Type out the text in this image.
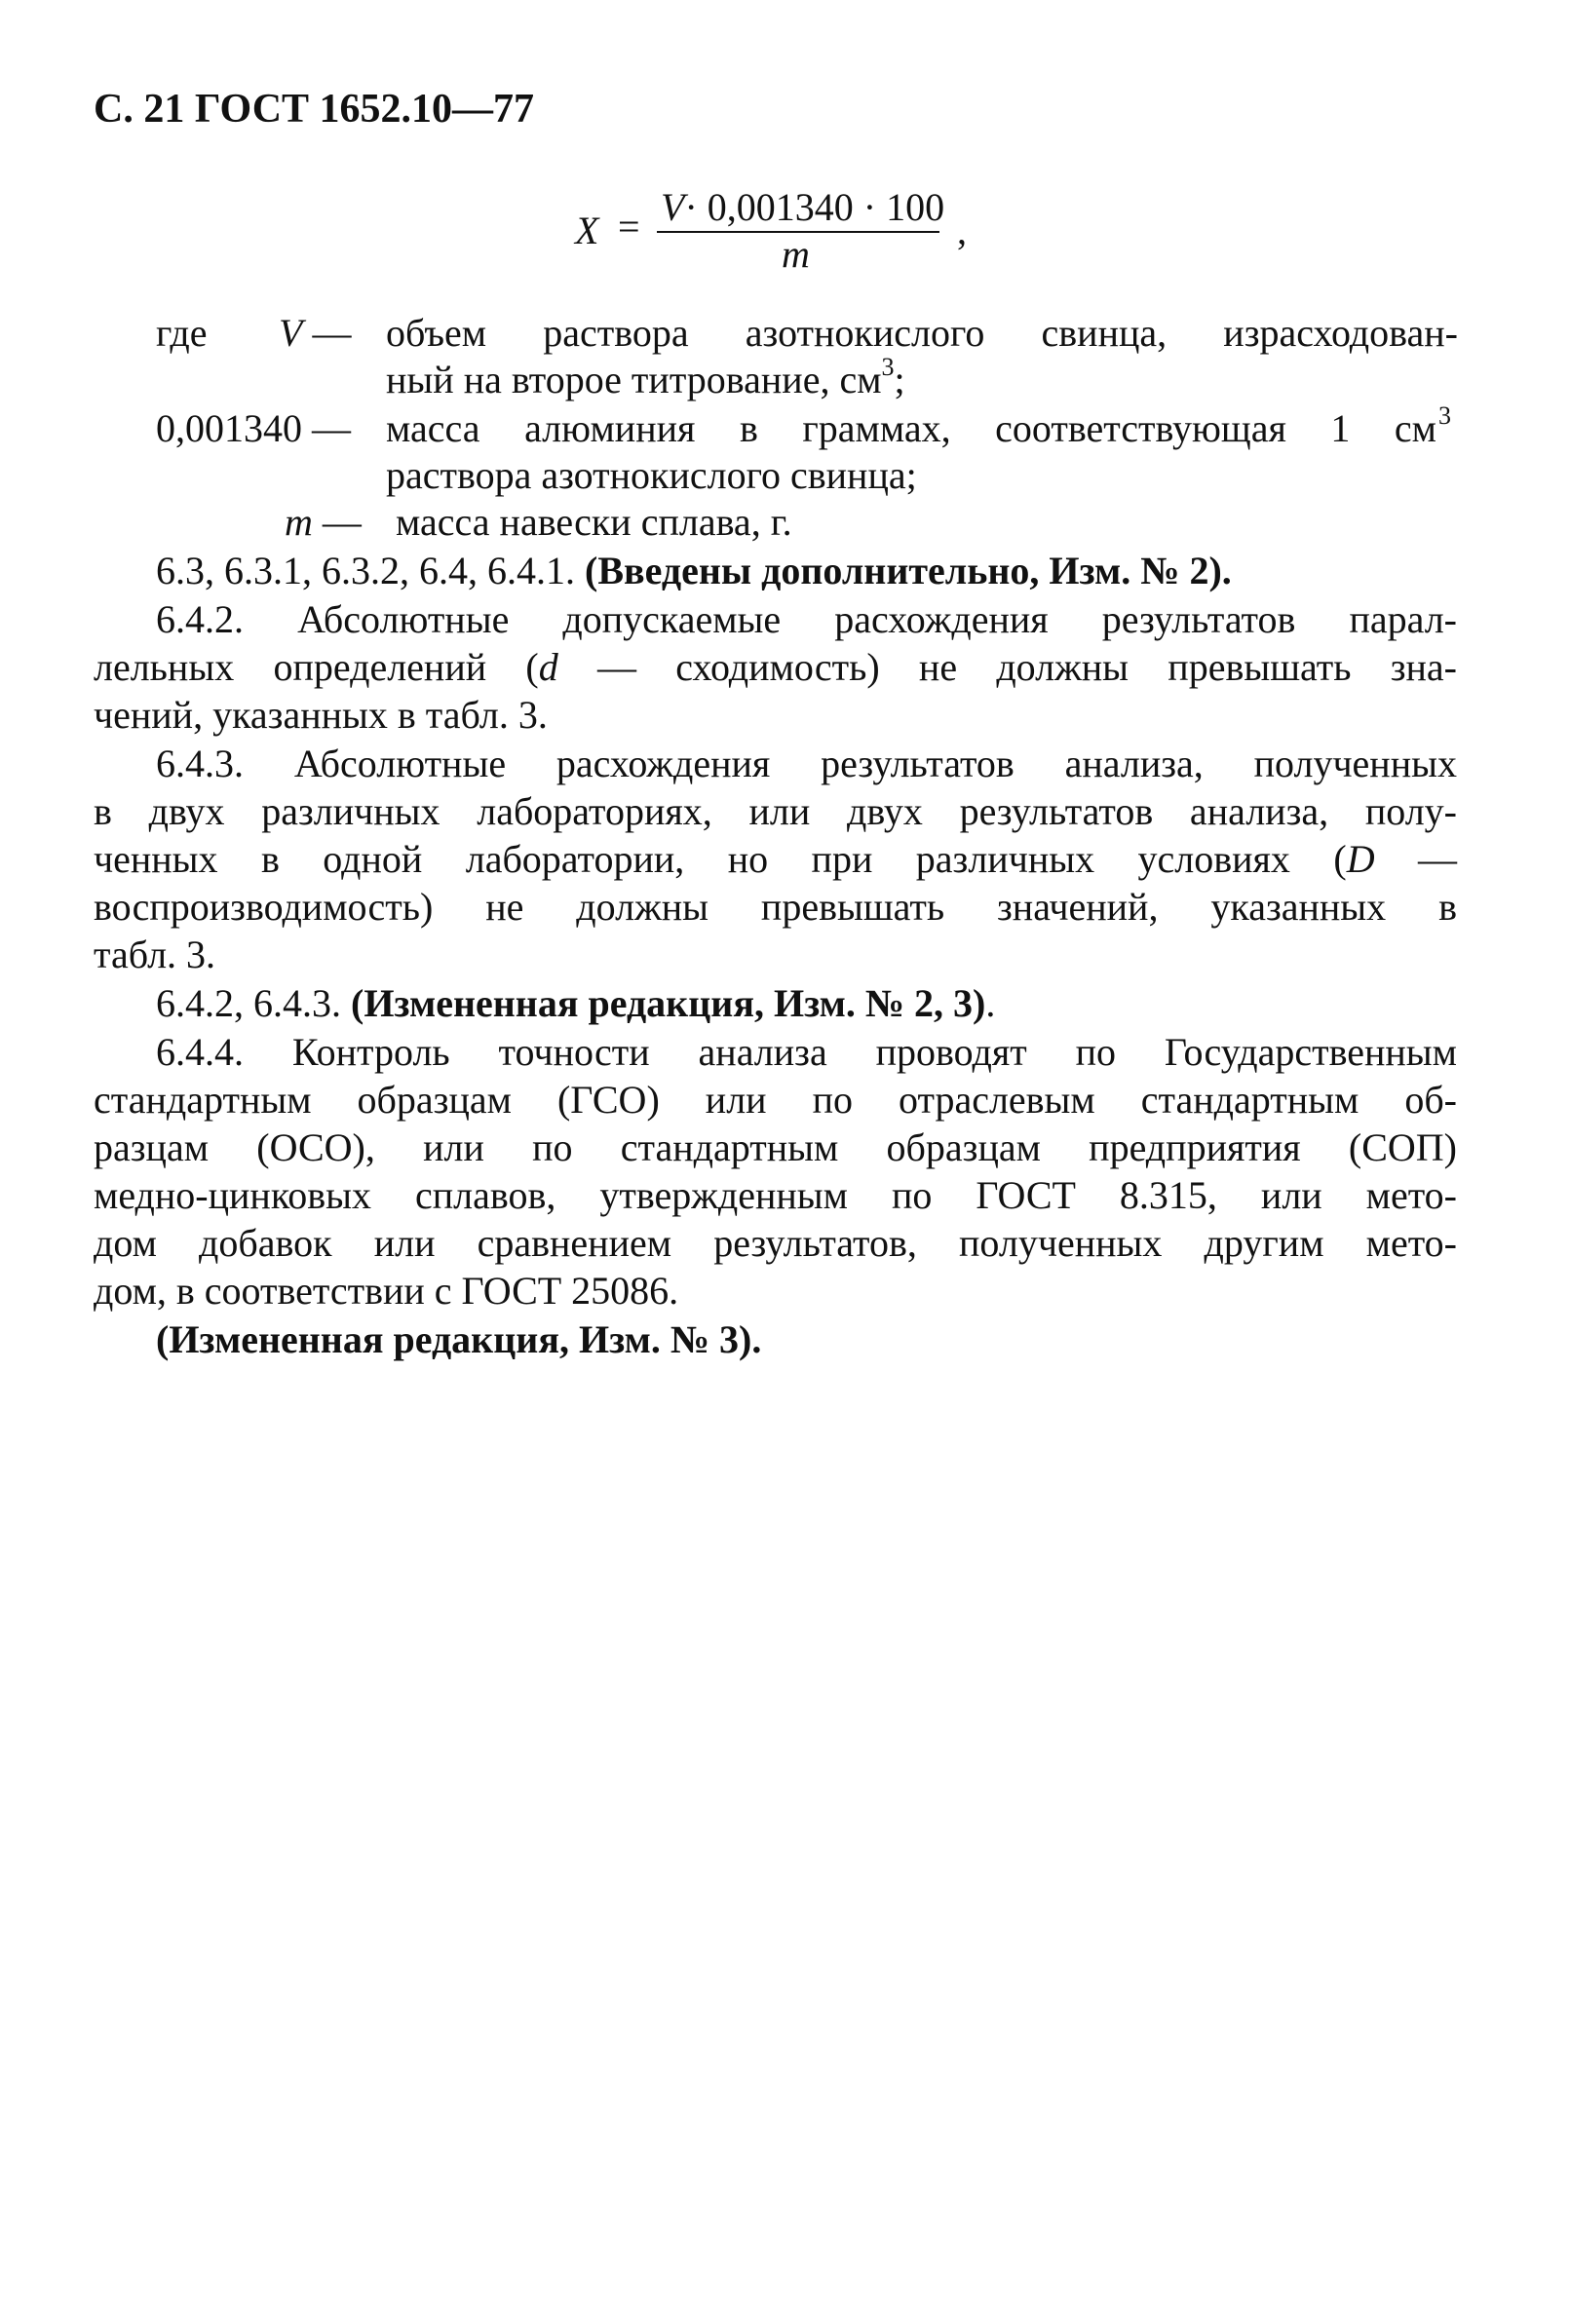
С. 21 ГОСТ 1652.10—77
X = V· 0,001340 · 100
m
,
где V — объем раствора азотнокислого свинца, израсходован-
ный на второе титрование, $см^3$;
0,001340 — масса алюминия в граммах, соответствующая 1 см $^3$
раствора азотнокислого свинца;
m — масса навески сплава, г.
6.3, 6.3.1, 6.3.2, 6.4, 6.4.1. (Введены дополнительно, Изм. № 2).
6.4.2. Абсолютные допускаемые расхождения результатов парал-
лельных определений (d — сходимость) не должны превышать зна-
чений, указанных в табл. 3.
6.4.3. Абсолютные расхождения результатов анализа, полученных
в двух различных лабораториях, или двух результатов анализа, полу-
ченных в одной лаборатории, но при различных условиях (D —
воспроизводимость) не должны превышать значений, указанных в
табл. 3.
6.4.2, 6.4.3. (Измененная редакция, Изм. № 2, 3).
6.4.4. Контроль точности анализа проводят по Государственным
стандартным образцам (ГСО) или по отраслевым стандартным об-
разцам (ОСО), или по стандартным образцам предприятия (СОП)
медно-цинковых сплавов, утвержденным по ГОСТ 8.315, или мето-
дом добавок или сравнением результатов, полученных другим мето-
дом, в соответствии с ГОСТ 25086.
(Измененная редакция, Изм. № 3).
